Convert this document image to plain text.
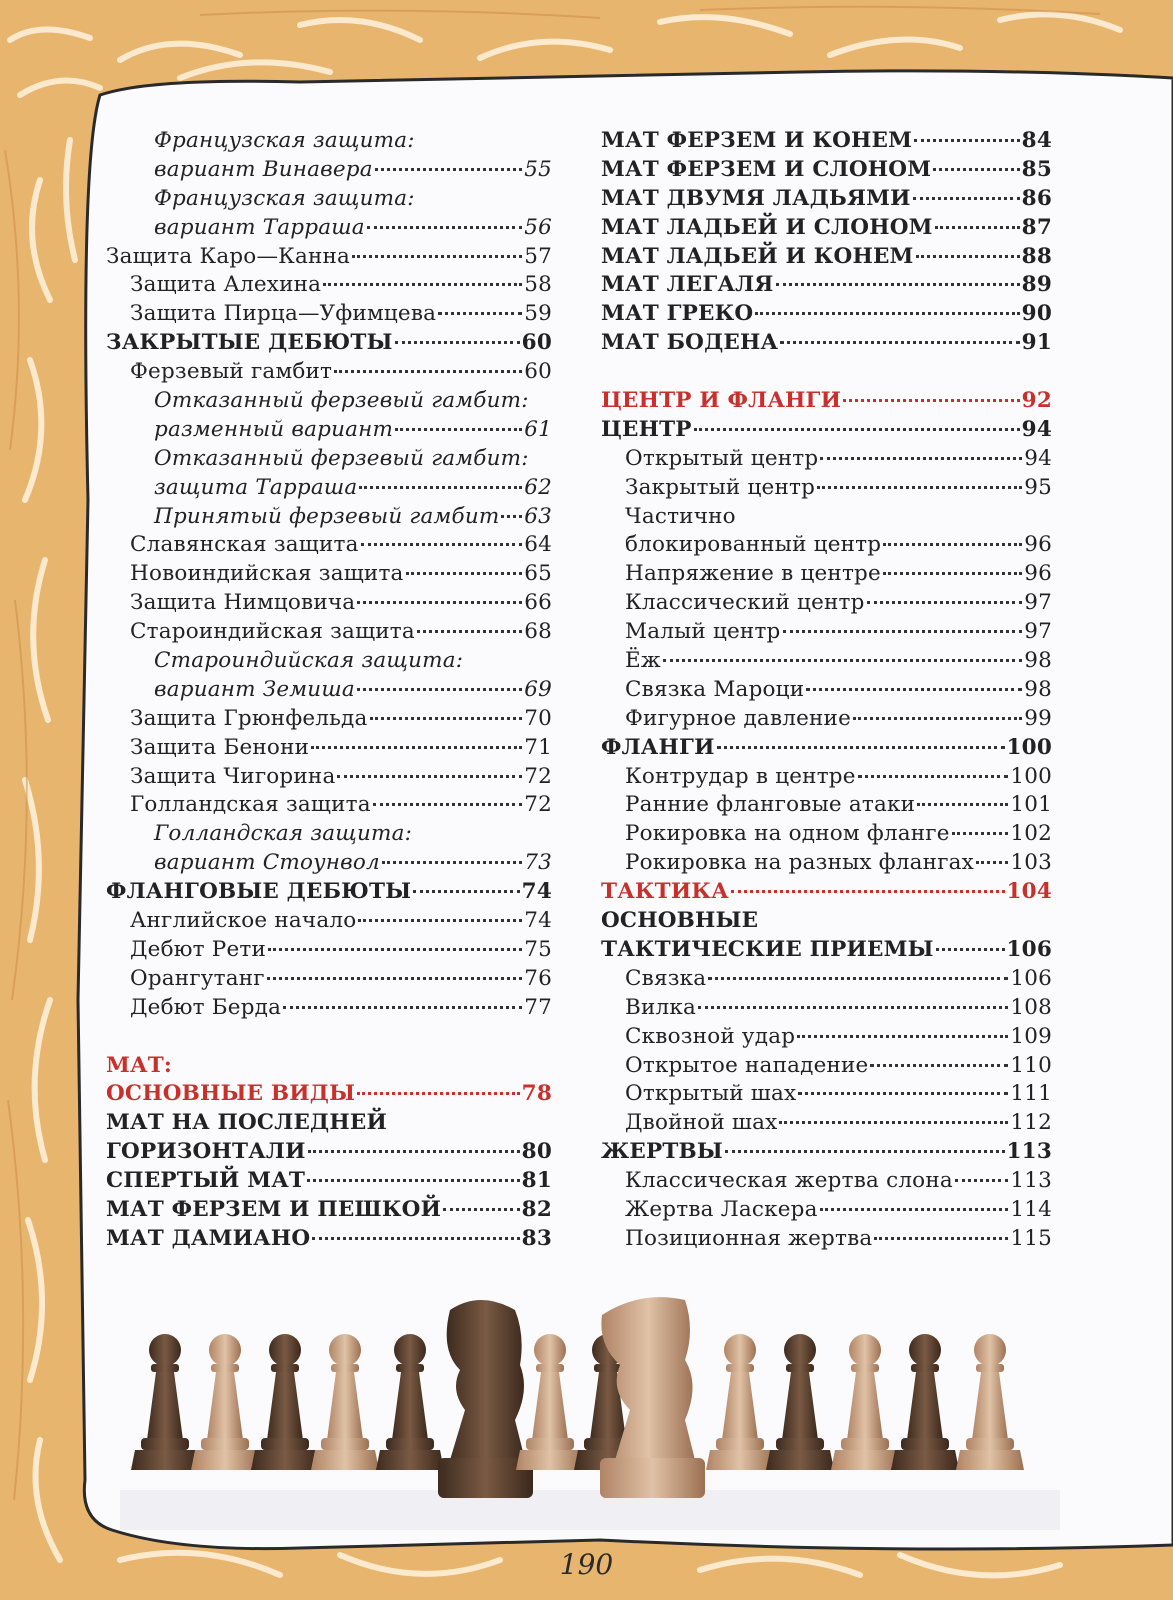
Французская защита:
вариант Винавера	55
Французская защита:
вариант Тарраша	56
Защита Каро—Канна	57
Защита Алехина	58
Защита Пирца—Уфимцева	59
ЗАКРЫТЫЕ ДЕБЮТЫ	60
Ферзевый гамбит	60
Отказанный ферзевый гамбит:
разменный вариант	61
Отказанный ферзевый гамбит:
защита Тарраша	62
Принятый ферзевый гамбит 63
Славянская защита	64
Новоиндийская защита	65
Защита Нимцовича	66
Староиндийская защита	68
Староиндийская защита:
вариант Земиша	69
Защита Грюнфельда	70
Защита Бенони	71
Защита Чигорина	72
Голландская защита	72
Голландская защита:
вариант Стоунвол	73
ФЛАНГОВЫЕ ДЕБЮТЫ	74
Английское начало	74
Дебют Рети	75
Орангутанг	76
Дебют Берда	77
МАТ:
ОСНОВНЫЕ ВИДЫ	78
МАТ НА ПОСЛЕДНЕЙ
ГОРИЗОНТАЛИ	80
СПЕРТЫЙ МАТ	81
МАТ ФЕРЗЕМ И ПЕШКОЙ	82
МАТ ДАМИАНО	83
МАТ ФЕРЗЕМ И КОНЕМ	84
МАТ ФЕРЗЕМ И СЛОНОМ	85
МАТ ДВУМЯ ЛАДЬЯМИ	86
МАТ ЛАДЬЕЙ И СЛОНОМ	87
МАТ ЛАДЬЕЙ И КОНЕМ	88
МАТ ЛЕГАЛЯ	89
МАТ ГРЕКО	90
МАТ БОДЕНА	91
ЦЕНТР И ФЛАНГИ	92
ЦЕНТР	94
Открытый центр	94
Закрытый центр	95
Частично
блокированный центр	96
Напряжение в центре	96
Классический центр	97
Малый центр	97
Ёж	98
Связка Мароци	98
Фигурное давление	99
ФЛАНГИ	100
Контрудар в центре	100
Ранние фланговые атаки	101
Рокировка на одном фланге	102
Рокировка на разных флангах 103
ТАКТИКА	104
ОСНОВНЫЕ
ТАКТИЧЕСКИЕ ПРИЕМЫ	106
Связка	106
Вилка	108
Сквозной удар	109
Открытое нападение	110
Открытый шах	111
Двойной шах	112
ЖЕРТВЫ	113
Классическая жертва слона	113
Жертва Ласкера	114
Позиционная жертва	115
190
